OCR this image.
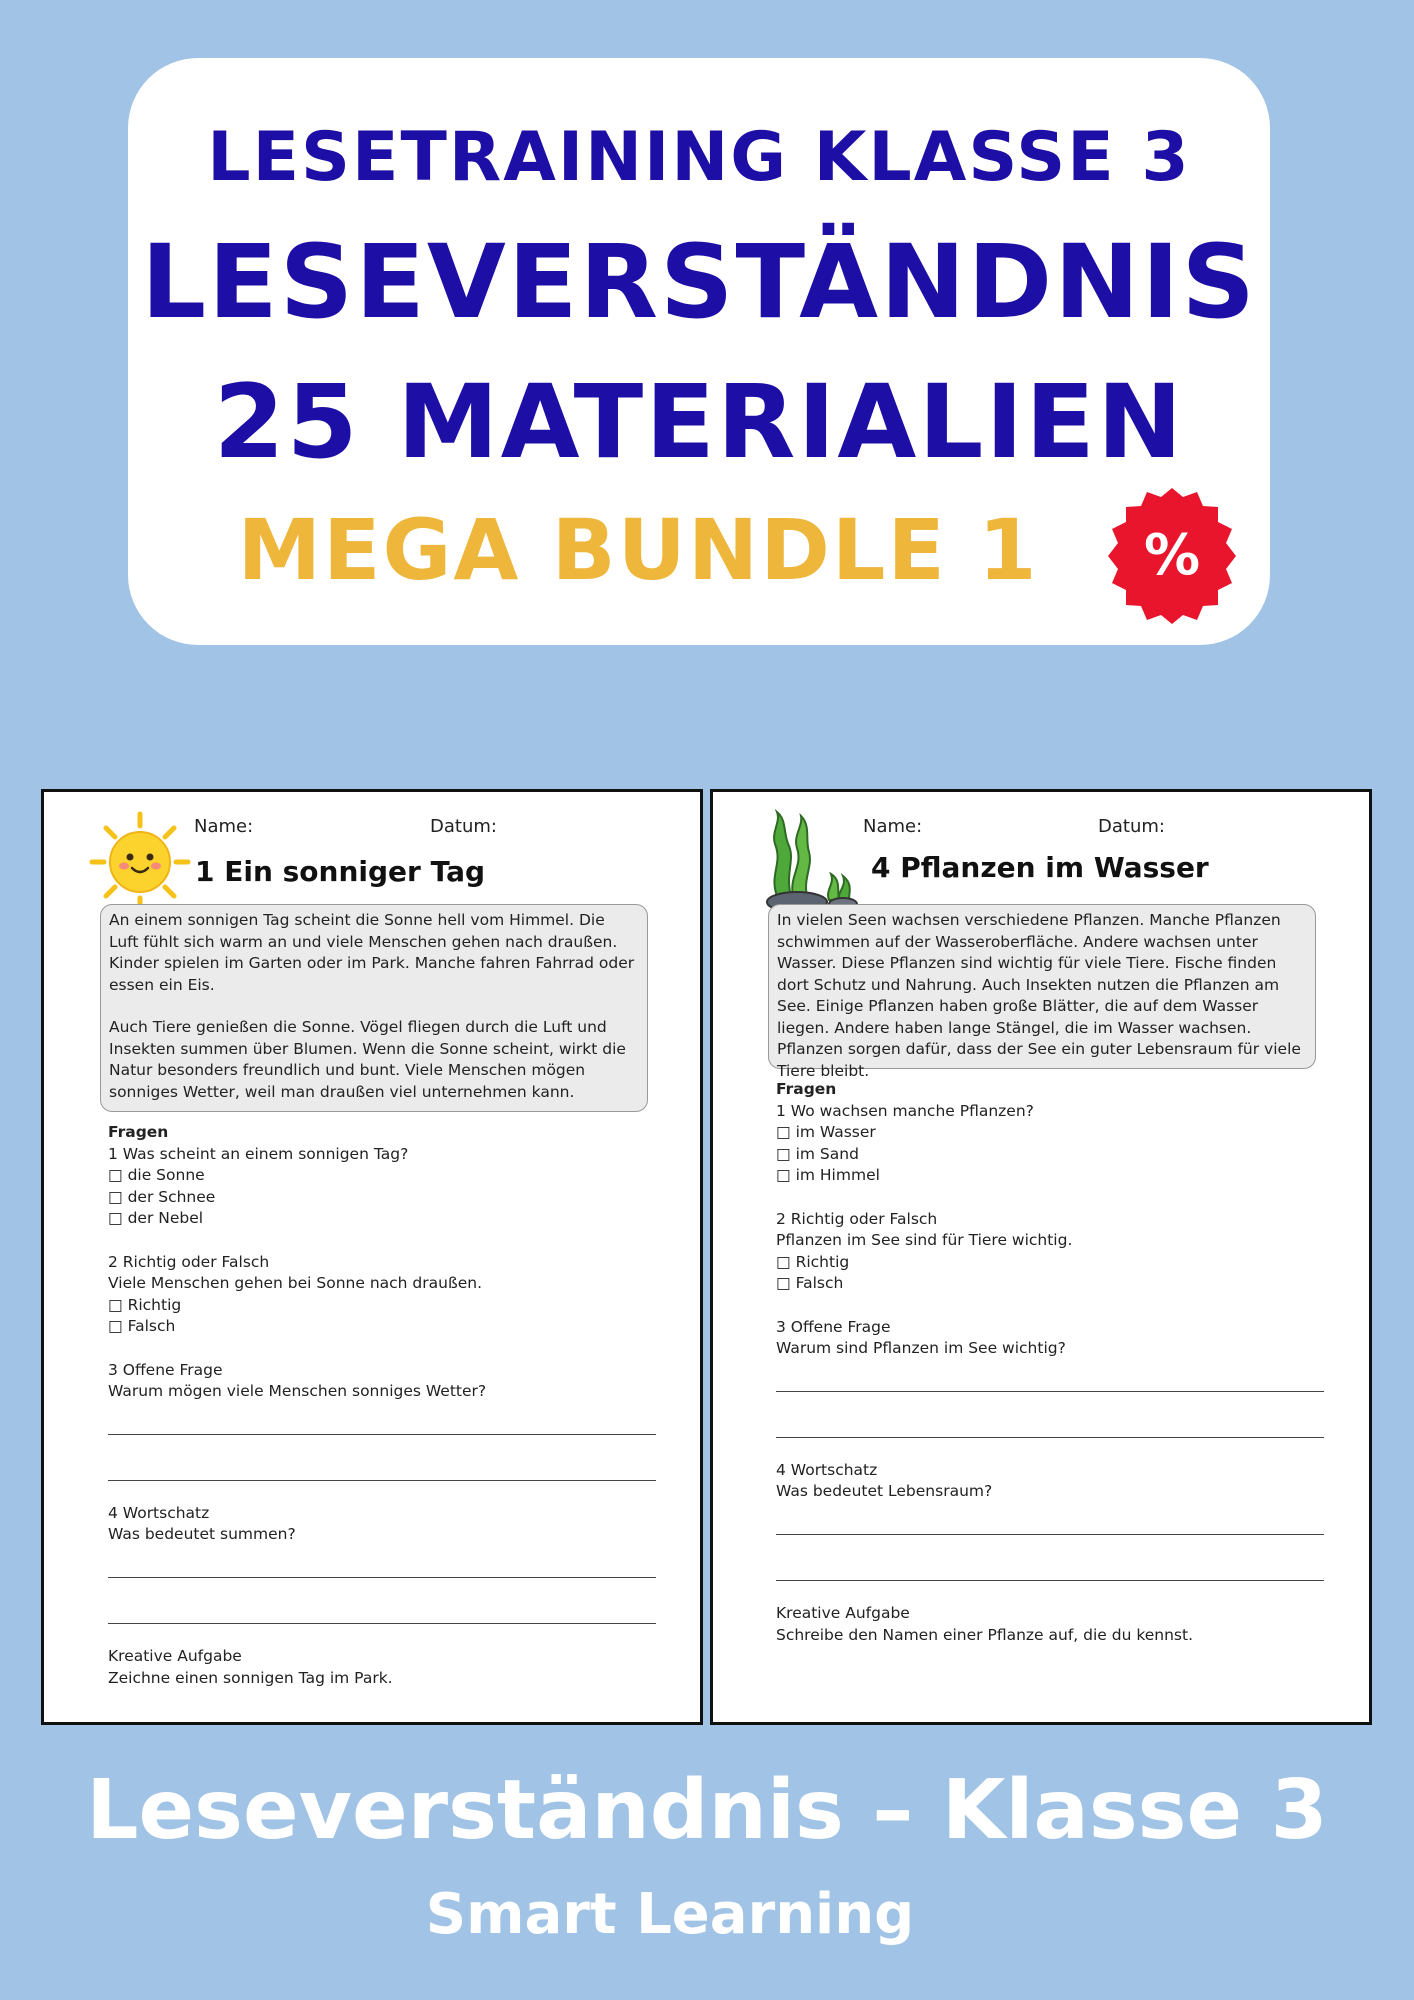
LESETRAINING KLASSE 3
LESEVERSTÄNDNIS
25 MATERIALIEN
MEGA BUNDLE 1	%
Name:	Datum:
1 Ein sonniger Tag

An einem sonnigen Tag scheint die Sonne hell vom Himmel. Die Luft fühlt sich warm an und viele Menschen gehen nach draußen. Kinder spielen im Garten oder im Park. Manche fahren Fahrrad oder essen ein Eis.

Auch Tiere genießen die Sonne. Vögel fliegen durch die Luft und Insekten summen über Blumen. Wenn die Sonne scheint, wirkt die Natur besonders freundlich und bunt. Viele Menschen mögen sonniges Wetter, weil man draußen viel unternehmen kann.

Fragen
1 Was scheint an einem sonnigen Tag?
□ die Sonne
□ der Schnee
□ der Nebel
2 Richtig oder Falsch
Viele Menschen gehen bei Sonne nach draußen.
□ Richtig
□ Falsch
3 Offene Frage
Warum mögen viele Menschen sonniges Wetter?
4 Wortschatz
Was bedeutet summen?
Kreative Aufgabe
Zeichne einen sonnigen Tag im Park.
Name:	Datum:
4 Pflanzen im Wasser

In vielen Seen wachsen verschiedene Pflanzen. Manche Pflanzen schwimmen auf der Wasseroberfläche. Andere wachsen unter Wasser. Diese Pflanzen sind wichtig für viele Tiere. Fische finden dort Schutz und Nahrung. Auch Insekten nutzen die Pflanzen am See. Einige Pflanzen haben große Blätter, die auf dem Wasser liegen. Andere haben lange Stängel, die im Wasser wachsen. Pflanzen sorgen dafür, dass der See ein guter Lebensraum für viele Tiere bleibt.

Fragen
1 Wo wachsen manche Pflanzen?
□ im Wasser
□ im Sand
□ im Himmel
2 Richtig oder Falsch
Pflanzen im See sind für Tiere wichtig.
□ Richtig
□ Falsch
3 Offene Frage
Warum sind Pflanzen im See wichtig?
4 Wortschatz
Was bedeutet Lebensraum?
Kreative Aufgabe
Schreibe den Namen einer Pflanze auf, die du kennst.
Leseverständnis – Klasse 3
Smart Learning
